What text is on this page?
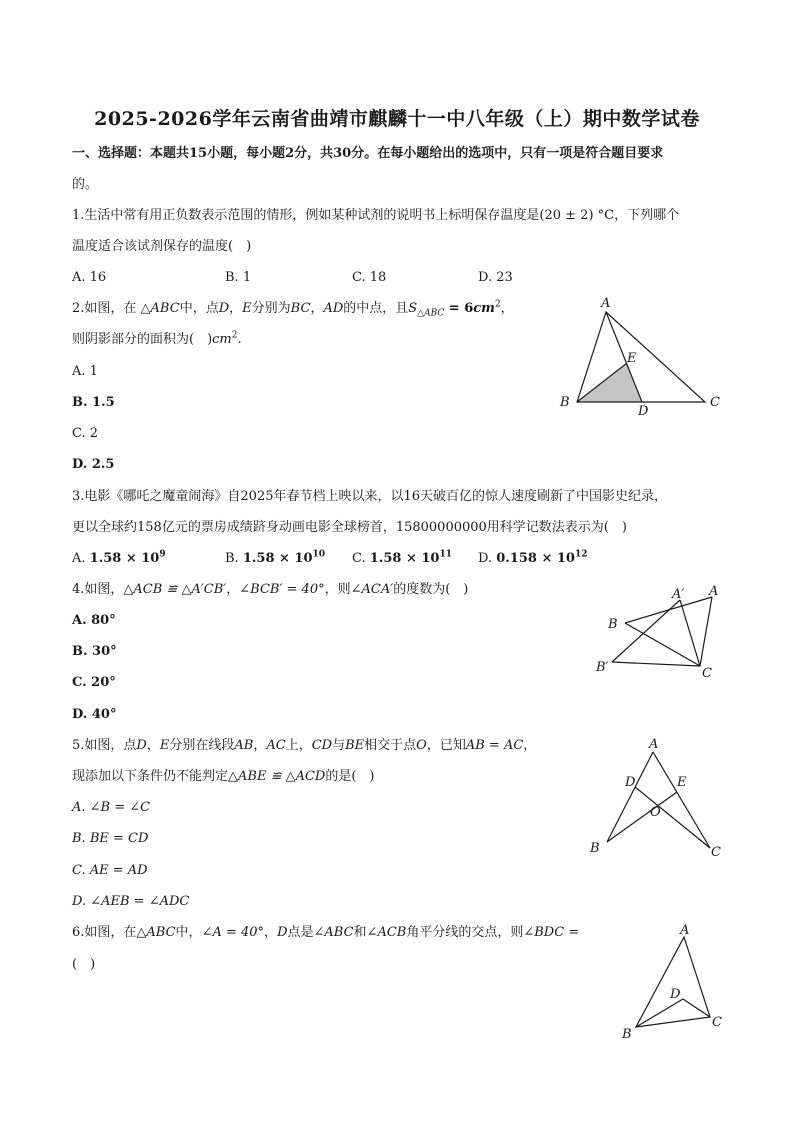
2025-2026学年云南省曲靖市麒麟十一中八年级（上）期中数学试卷
一、选择题：本题共15小题，每小题2分，共30分。在每小题给出的选项中，只有一项是符合题目要求
的。
1.生活中常有用正负数表示范围的情形，例如某种试剂的说明书上标明保存温度是(20 ± 2) °C，下列哪个
温度适合该试剂保存的温度(　)
A. 16	B. 1	C. 18	D. 23
2.如图，在 △ABC中，点D，E分别为BC，AD的中点，且$S_{\triangle ABC} = 6cm^2$，
则阴影部分的面积为(　)$cm^2$.
A. 1
B. 1.5
C. 2
D. 2.5
A
B	C
D
E
3.电影《哪吒之魔童闹海》自2025年春节档上映以来，以16天破百亿的惊人速度刷新了中国影史纪录，
更以全球约158亿元的票房成绩跻身动画电影全球榜首，15800000000用科学记数法表示为(　)
A. $1.58 \times 10^9$	B. $1.58 \times 10^{10}$ C. $1.58 \times 10^{11}$ D. $0.158 \times 10^{12}$
4.如图，△ACB ≌ △A′CB′，∠BCB′ = 40°，则∠ACA′的度数为(　)
A. 80°
B. 30°
C. 20°
D. 40°
A
A′
B
B′	C
5.如图，点D，E分别在线段AB，AC上，CD与BE相交于点O，已知AB = AC，
现添加以下条件仍不能判定△ABE ≌ △ACD的是(　)
A. ∠B = ∠C
B. BE = CD
C. AE = AD
D. ∠AEB = ∠ADC
A
B	C
D	E
O
6.如图，在△ABC中，∠A = 40°，D点是∠ABC和∠ACB角平分线的交点，则∠BDC =
(　)
A
B
C
D
